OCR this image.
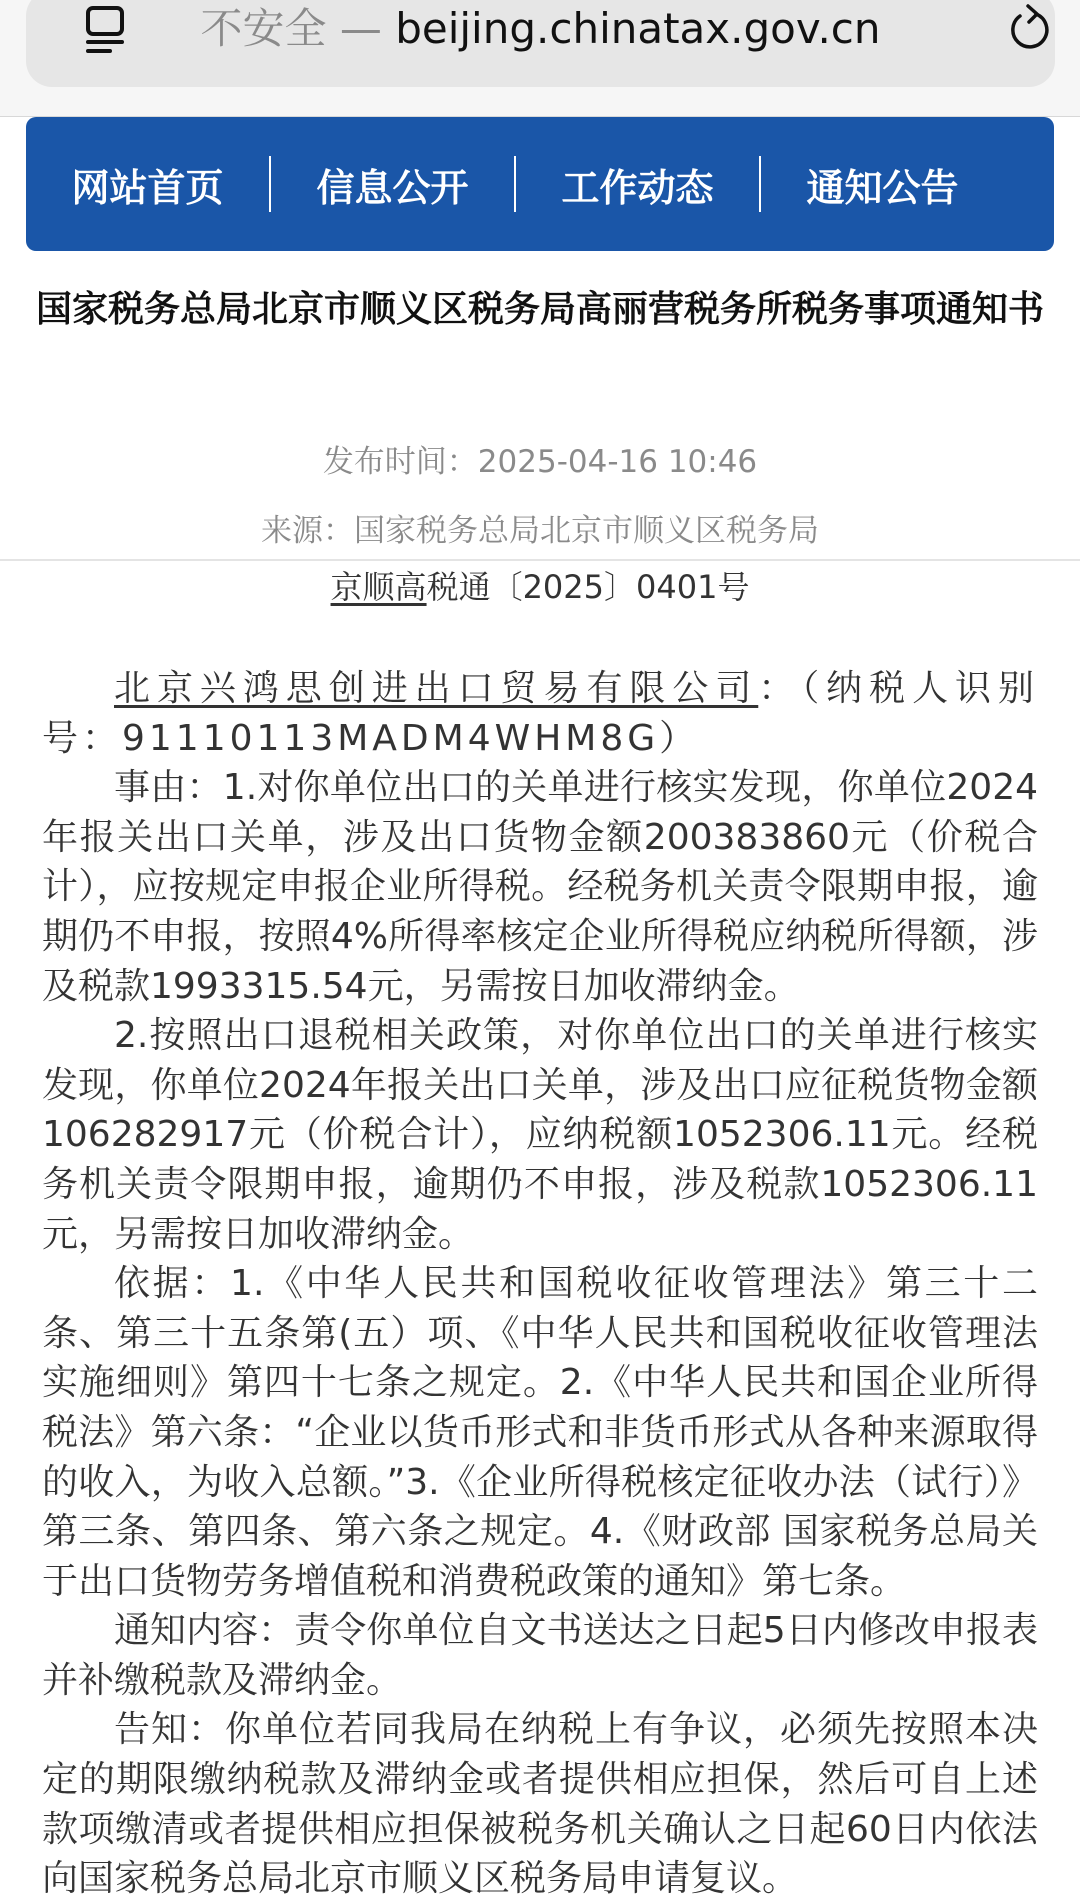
不安全 — beijing.chinatax.gov.cn
网站首页	信息公开	工作动态	通知公告
国家税务总局北京市顺义区税务局高丽营税务所税务事项通知书
发布时间：2025-04-16 10:46
来源：国家税务总局北京市顺义区税务局
京顺高税通〔2025〕0401号

北京兴鸿思创进出口贸易有限公司：（纳税人识别号：91110113MADM4WHM8G）

事由：1.对你单位出口的关单进行核实发现，你单位2024年报关出口关单，涉及出口货物金额200383860元（价税合计），应按规定申报企业所得税。经税务机关责令限期申报，逾期仍不申报，按照4%所得率核定企业所得税应纳税所得额，涉及税款1993315.54元，另需按日加收滞纳金。

2.按照出口退税相关政策，对你单位出口的关单进行核实发现，你单位2024年报关出口关单，涉及出口应征税货物金额106282917元（价税合计），应纳税额1052306.11元。经税务机关责令限期申报，逾期仍不申报，涉及税款1052306.11元，另需按日加收滞纳金。

依据：1.《中华人民共和国税收征收管理法》第三十二条、第三十五条第(五）项、《中华人民共和国税收征收管理法实施细则》第四十七条之规定。2.《中华人民共和国企业所得税法》第六条：“企业以货币形式和非货币形式从各种来源取得的收入，为收入总额。”3.《企业所得税核定征收办法（试行）》第三条、第四条、第六条之规定。4.《财政部 国家税务总局关于出口货物劳务增值税和消费税政策的通知》第七条。

通知内容：责令你单位自文书送达之日起5日内修改申报表并补缴税款及滞纳金。

告知：你单位若同我局在纳税上有争议，必须先按照本决定的期限缴纳税款及滞纳金或者提供相应担保，然后可自上述款项缴清或者提供相应担保被税务机关确认之日起60日内依法向国家税务总局北京市顺义区税务局申请复议。
